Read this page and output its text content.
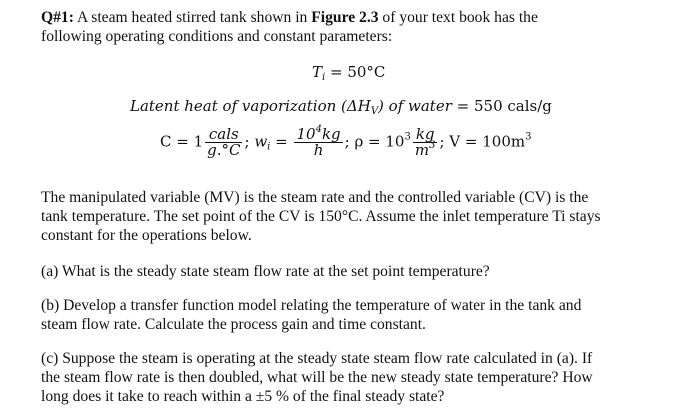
Q#1: A steam heated stirred tank shown in Figure 2.3 of your text book has the

following operating conditions and constant parameters:

$T_i = 50^\circ C$
Latent heat of vaporization $(\Delta H_V)$ of water = 550 cals/g
$C = 1 \frac{\text{cals}}{g.^\circ C}$ ; $w_i = \frac{10^4kg}{h}$ ; $\rho = 10^3 \frac{kg}{m^3}$ ; $V = 100m^3$

The manipulated variable (MV) is the steam rate and the controlled variable (CV) is the

tank temperature. The set point of the CV is 150°C. Assume the inlet temperature Ti stays

constant for the operations below.

(a) What is the steady state steam flow rate at the set point temperature?

(b) Develop a transfer function model relating the temperature of water in the tank and

steam flow rate. Calculate the process gain and time constant.

(c) Suppose the steam is operating at the steady state steam flow rate calculated in (a). If

the steam flow rate is then doubled, what will be the new steady state temperature? How

long does it take to reach within a ±5 % of the final steady state?
